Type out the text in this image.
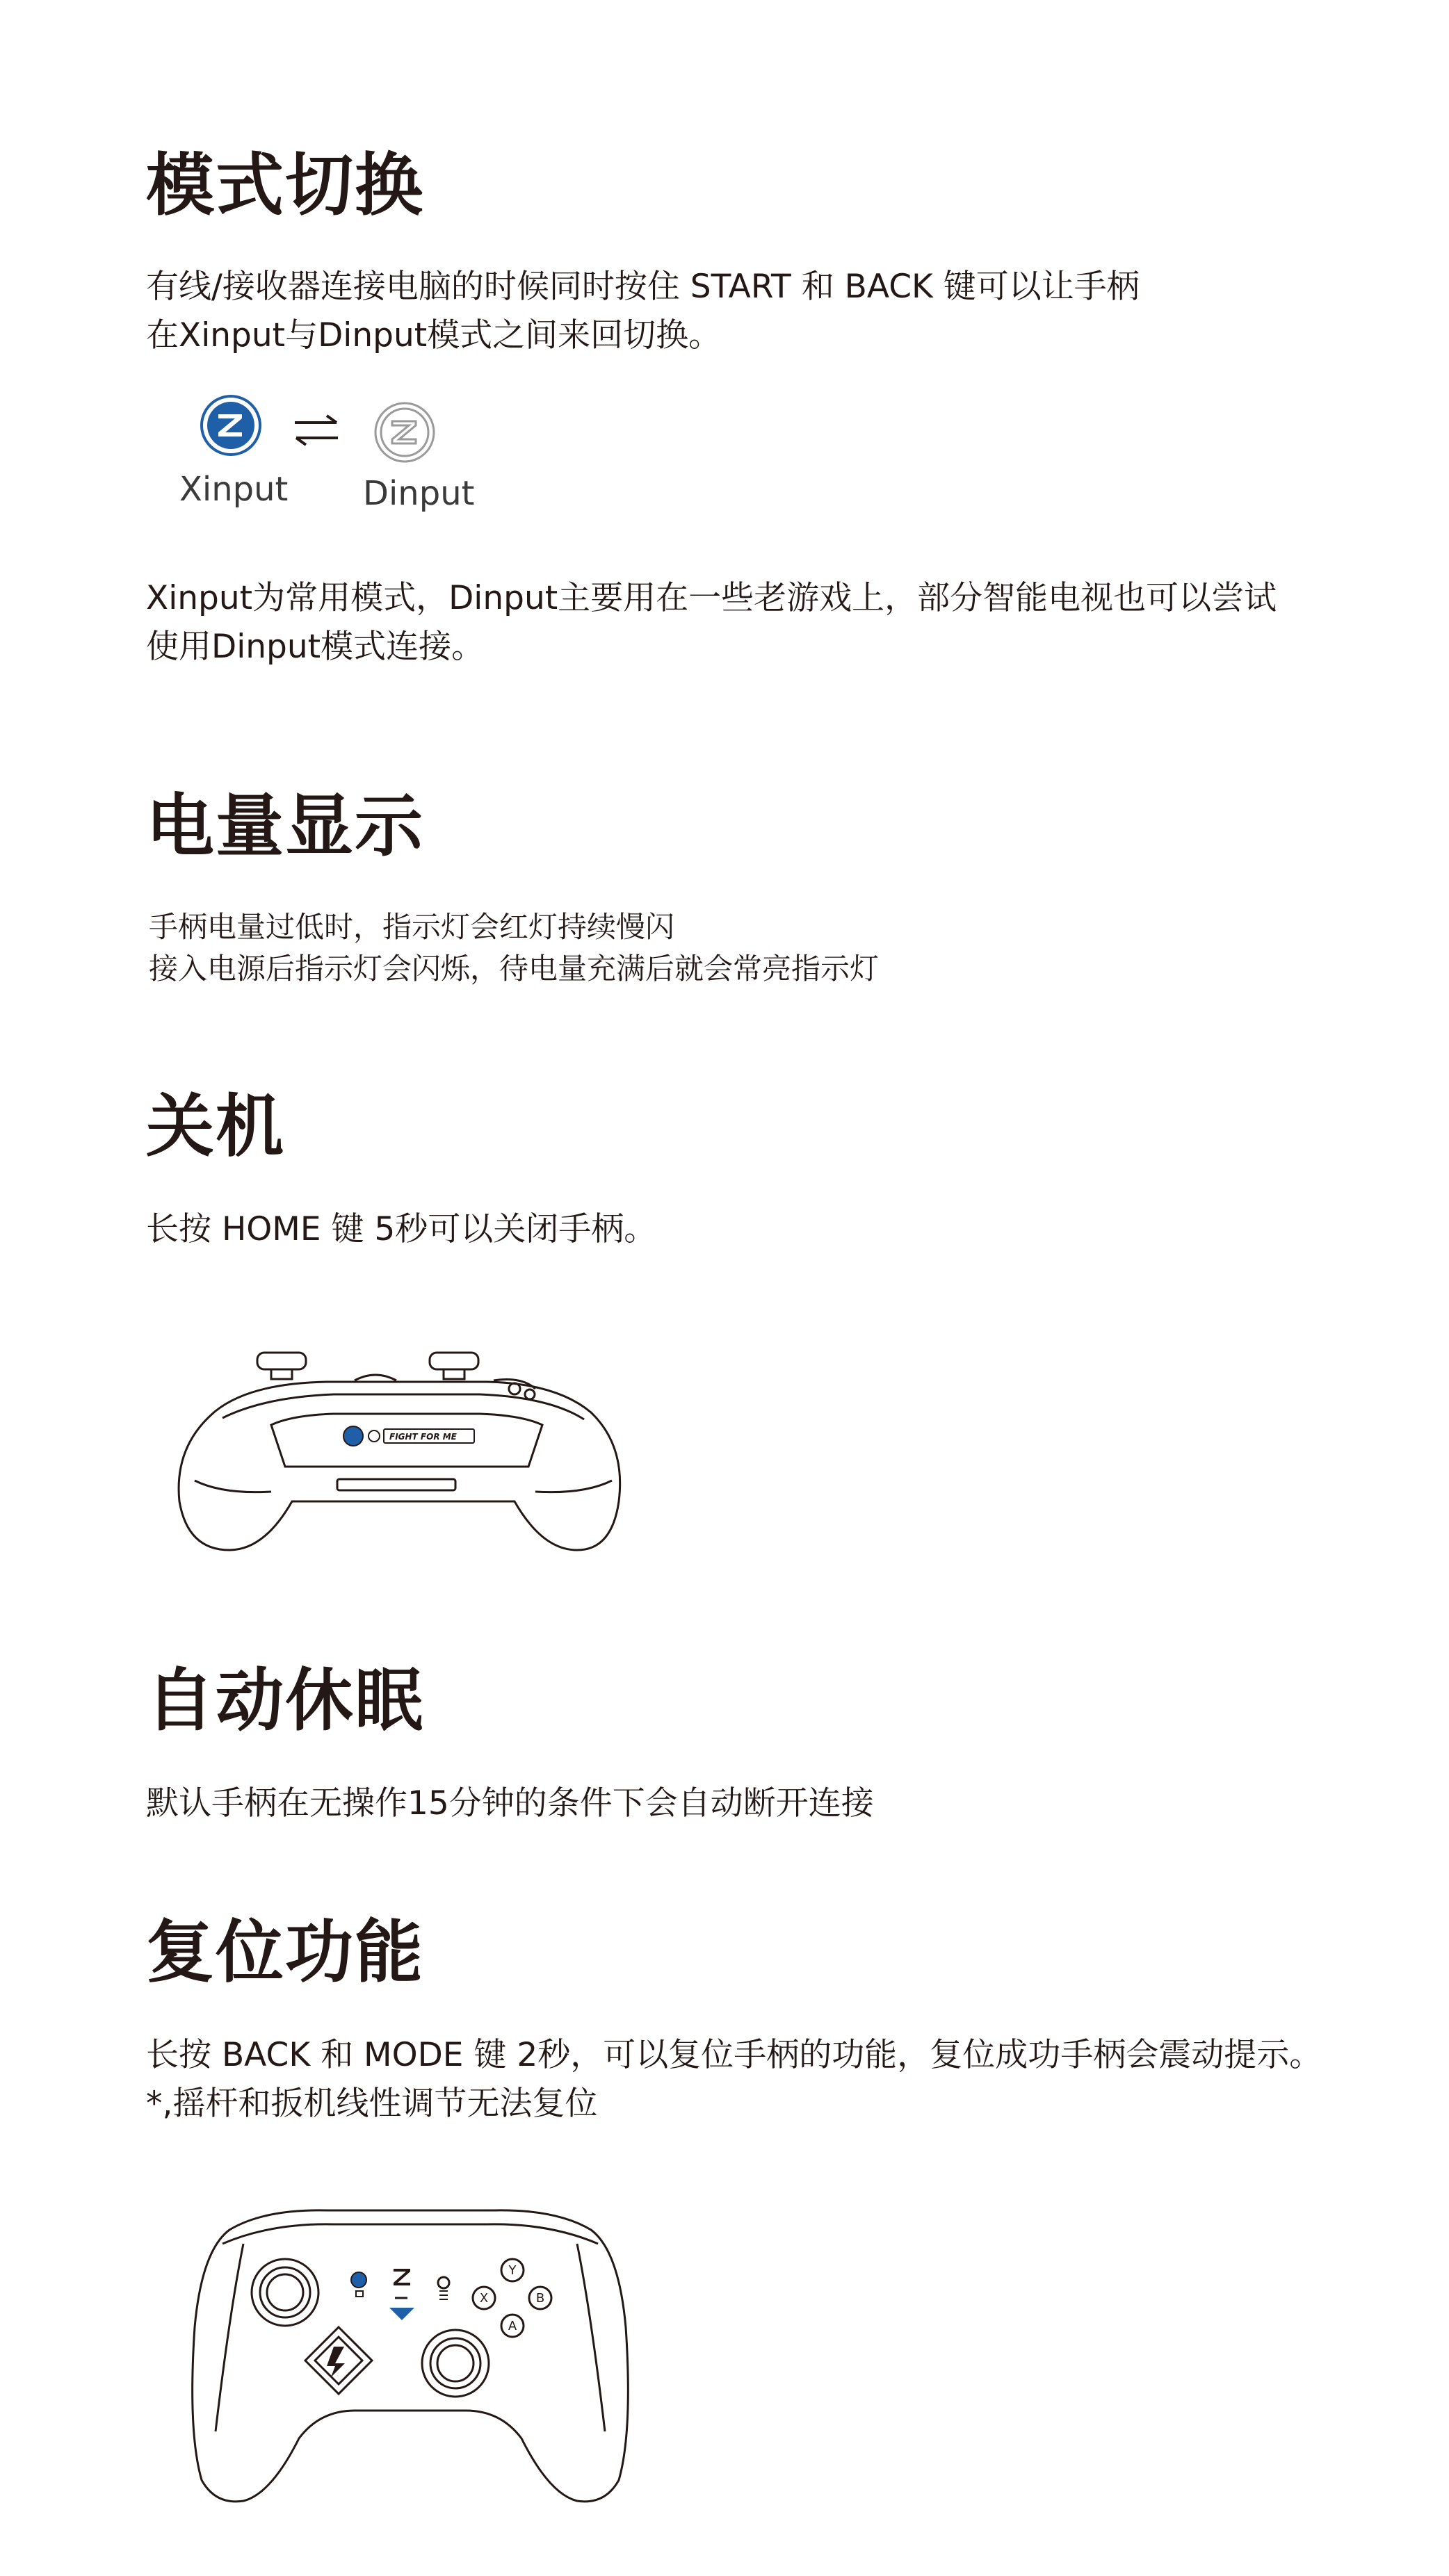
模式切换
有线/接收器连接电脑的时候同时按住 START 和 BACK 键可以让手柄
在Xinput与Dinput模式之间来回切换。
Xinput Dinput
Xinput为常用模式，Dinput主要用在一些老游戏上，部分智能电视也可以尝试
使用Dinput模式连接。
电量显示
手柄电量过低时，指示灯会红灯持续慢闪
接入电源后指示灯会闪烁，待电量充满后就会常亮指示灯
关机
长按 HOME 键 5秒可以关闭手柄。
FIGHT FOR ME
自动休眠
默认手柄在无操作15分钟的条件下会自动断开连接
复位功能
长按 BACK 和 MODE 键 2秒，可以复位手柄的功能，复位成功手柄会震动提示。
*,摇杆和扳机线性调节无法复位
Y
X	B
A
